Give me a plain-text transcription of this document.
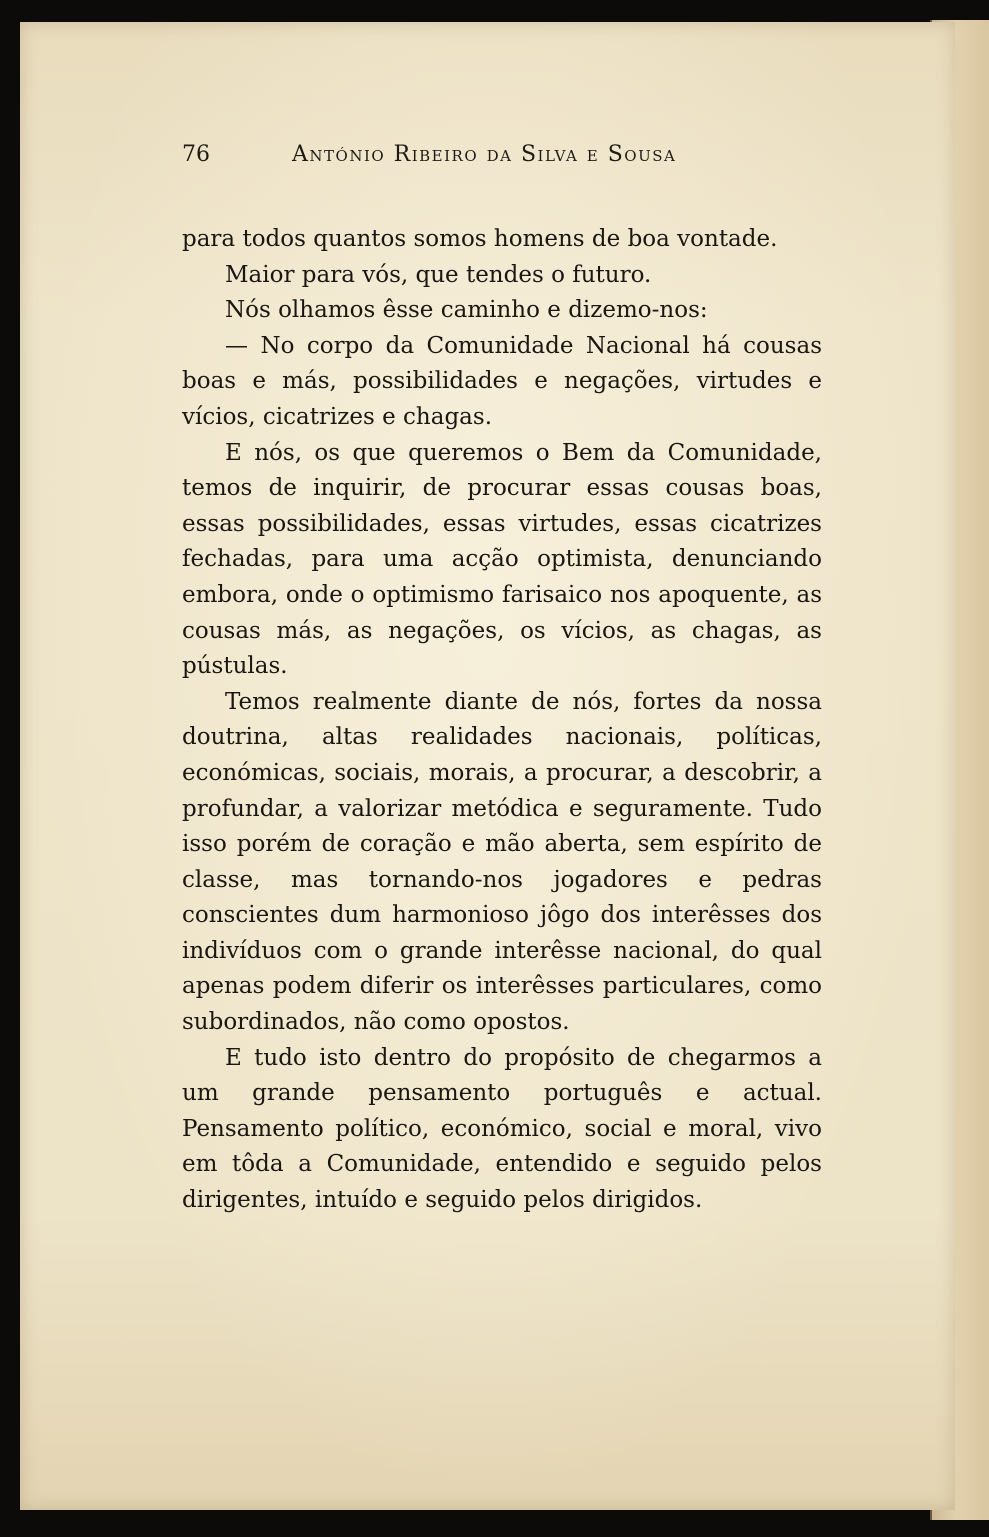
76	António Ribeiro da Silva e Sousa

para todos quantos somos homens de boa vontade.

Maior para vós, que tendes o futuro.

Nós olhamos êsse caminho e dizemo-nos:

— No corpo da Comunidade Nacional há cousas boas e más, possibilidades e negações, virtudes e vícios, cicatrizes e chagas.

E nós, os que queremos o Bem da Comunidade, temos de inquirir, de procurar essas cousas boas, essas possibilidades, essas virtudes, essas cicatrizes fechadas, para uma acção optimista, denunciando embora, onde o optimismo farisaico nos apoquente, as cousas más, as negações, os vícios, as chagas, as pústulas.

Temos realmente diante de nós, fortes da nossa doutrina, altas realidades nacionais, políticas, económicas, sociais, morais, a procurar, a descobrir, a profundar, a valorizar metódica e seguramente. Tudo isso porém de coração e mão aberta, sem espírito de classe, mas tornando-nos jogadores e pedras conscientes dum harmonioso jôgo dos interêsses dos indivíduos com o grande interêsse nacional, do qual apenas podem diferir os interêsses particulares, como subordinados, não como opostos.

E tudo isto dentro do propósito de chegarmos a um grande pensamento português e actual. Pensamento político, económico, social e moral, vivo em tôda a Comunidade, entendido e seguido pelos dirigentes, intuído e seguido pelos dirigidos.
